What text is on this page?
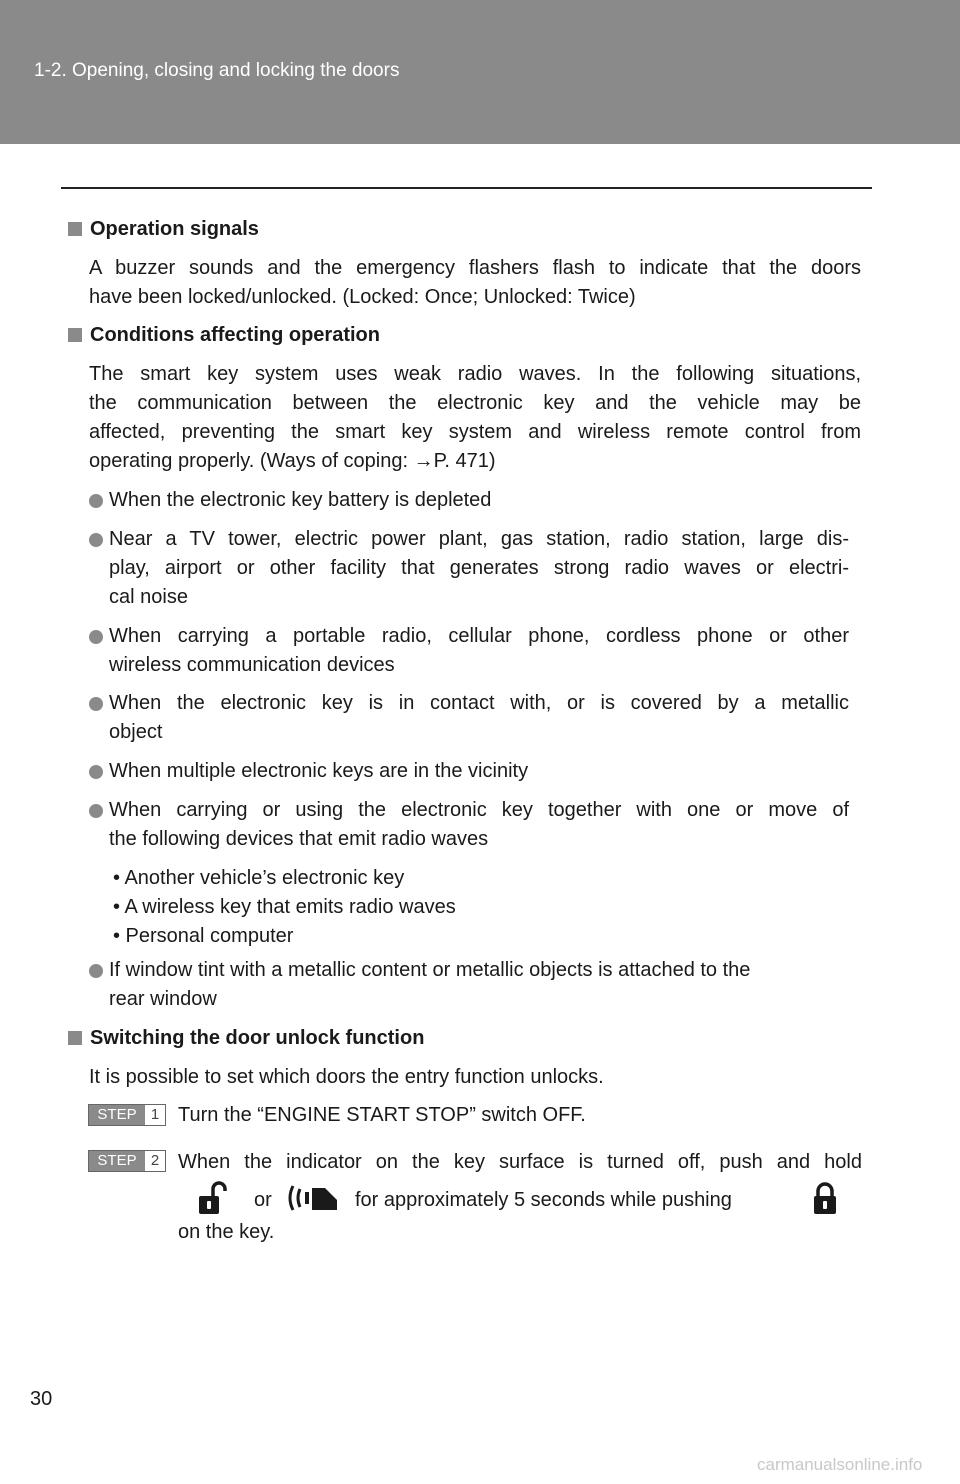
1-2. Opening, closing and locking the doors
Operation signals
A buzzer sounds and the emergency flashers flash to indicate that the doors
have been locked/unlocked. (Locked: Once; Unlocked: Twice)
Conditions affecting operation
The smart key system uses weak radio waves. In the following situations,
the communication between the electronic key and the vehicle may be
affected, preventing the smart key system and wireless remote control from
operating properly. (Ways of coping: →P. 471)
When the electronic key battery is depleted
Near a TV tower, electric power plant, gas station, radio station, large dis-
play, airport or other facility that generates strong radio waves or electri-
cal noise
When carrying a portable radio, cellular phone, cordless phone or other
wireless communication devices
When the electronic key is in contact with, or is covered by a metallic
object
When multiple electronic keys are in the vicinity
When carrying or using the electronic key together with one or move of
the following devices that emit radio waves
• Another vehicle’s electronic key
• A wireless key that emits radio waves
• Personal computer
If window tint with a metallic content or metallic objects is attached to the
rear window
Switching the door unlock function
It is possible to set which doors the entry function unlocks.
STEP 1 Turn the “ENGINE START STOP” switch OFF.
STEP 2 When the indicator on the key surface is turned off, push and hold
or	for approximately 5 seconds while pushing
on the key.
30
carmanualsonline.info
